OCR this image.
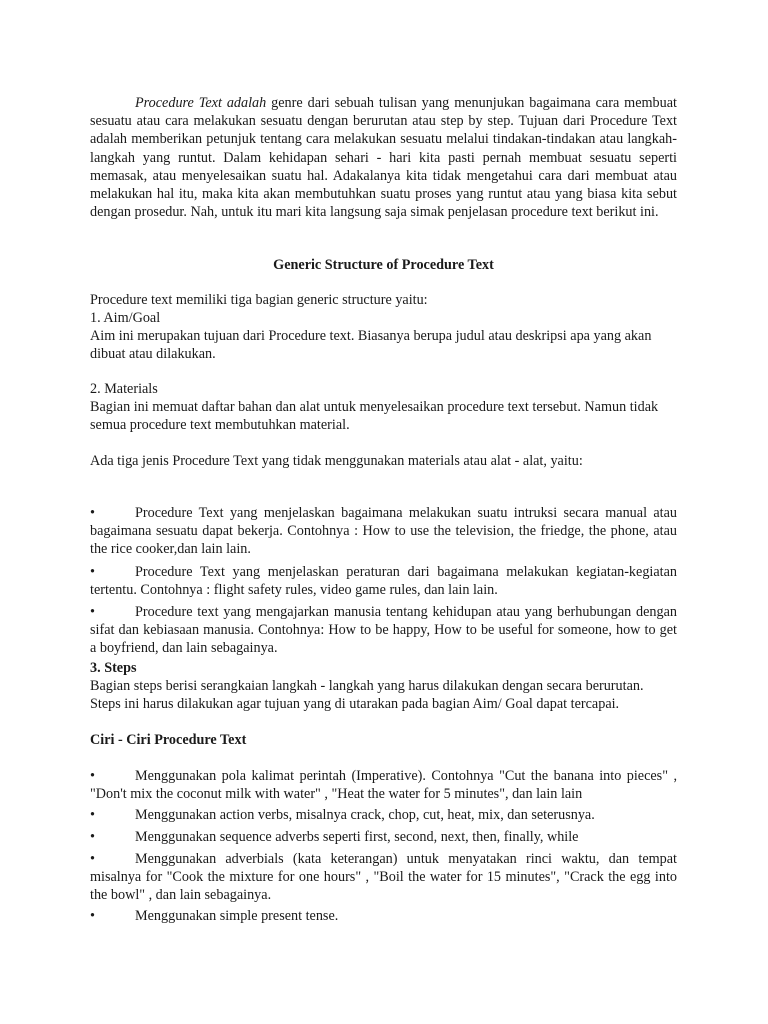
Procedure Text adalah genre dari sebuah tulisan yang menunjukan bagaimana cara membuat sesuatu atau cara melakukan sesuatu dengan berurutan atau step by step. Tujuan dari Procedure Text adalah memberikan petunjuk tentang cara melakukan sesuatu melalui tindakan-tindakan atau langkah-langkah yang runtut. Dalam kehidapan sehari - hari kita pasti pernah membuat sesuatu seperti memasak, atau menyelesaikan suatu hal. Adakalanya kita tidak mengetahui cara dari membuat atau melakukan hal itu, maka kita akan membutuhkan suatu proses yang runtut atau yang biasa kita sebut dengan prosedur. Nah, untuk itu mari kita langsung saja simak penjelasan procedure text berikut ini.

Generic Structure of Procedure Text

Procedure text memiliki tiga bagian generic structure yaitu:

1. Aim/Goal

Aim ini merupakan tujuan dari Procedure text. Biasanya berupa judul atau deskripsi apa yang akan dibuat atau dilakukan.

2. Materials

Bagian ini memuat daftar bahan dan alat untuk menyelesaikan procedure text tersebut. Namun tidak semua procedure text membutuhkan material.

Ada tiga jenis Procedure Text yang tidak menggunakan materials atau alat - alat, yaitu:

•	Procedure Text yang menjelaskan bagaimana melakukan suatu intruksi secara manual atau bagaimana sesuatu dapat bekerja. Contohnya : How to use the television, the friedge, the phone, atau the rice cooker,dan lain lain.

•	Procedure Text yang menjelaskan peraturan dari bagaimana melakukan kegiatan-kegiatan tertentu. Contohnya : flight safety rules, video game rules, dan lain lain.

•	Procedure text yang mengajarkan manusia tentang kehidupan atau yang berhubungan dengan sifat dan kebiasaan manusia. Contohnya: How to be happy, How to be useful for someone, how to get a boyfriend, dan lain sebagainya.

3. Steps

Bagian steps berisi serangkaian langkah - langkah yang harus dilakukan dengan secara berurutan. Steps ini harus dilakukan agar tujuan yang di utarakan pada bagian Aim/ Goal dapat tercapai.

Ciri - Ciri Procedure Text

•	Menggunakan pola kalimat perintah (Imperative). Contohnya "Cut the banana into pieces" , "Don't mix the coconut milk with water" , "Heat the water for 5 minutes", dan lain lain

•	Menggunakan action verbs, misalnya crack, chop, cut, heat, mix, dan seterusnya.

•	Menggunakan sequence adverbs seperti first, second, next, then, finally, while

•	Menggunakan adverbials (kata keterangan) untuk menyatakan rinci waktu, dan tempat misalnya for "Cook the mixture for one hours" , "Boil the water for 15 minutes", "Crack the egg into the bowl" , dan lain sebagainya.

•	Menggunakan simple present tense.
